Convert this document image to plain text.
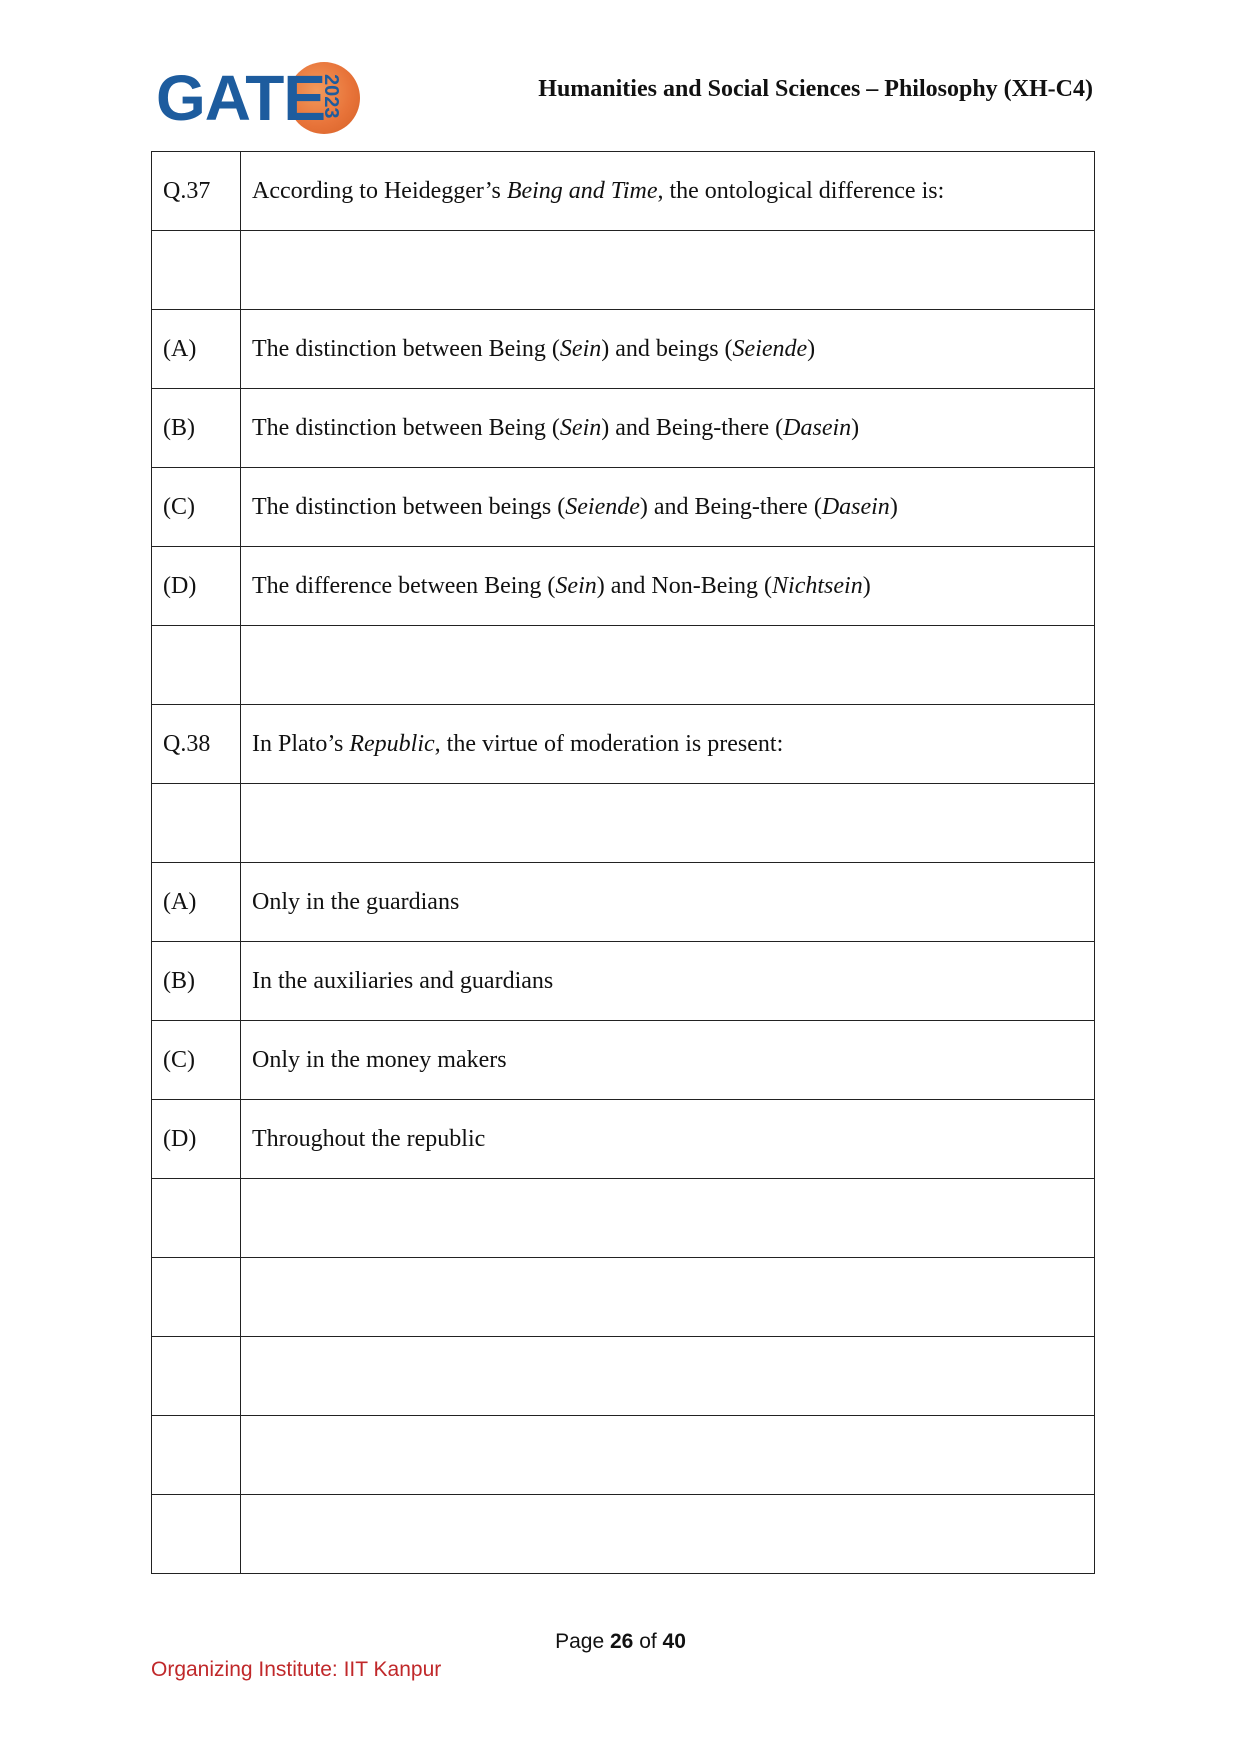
GATE
2023	Humanities and Social Sciences – Philosophy (XH-C4)
Q.37	According to Heidegger’s Being and Time, the ontological difference is:

(A)	The distinction between Being (Sein) and beings (Seiende)
(B)	The distinction between Being (Sein) and Being-there (Dasein)
(C)	The distinction between beings (Seiende) and Being-there (Dasein)
(D)	The difference between Being (Sein) and Non-Being (Nichtsein)

Q.38	In Plato’s Republic, the virtue of moderation is present:

(A)	Only in the guardians
(B)	In the auxiliaries and guardians
(C)	Only in the money makers
(D)	Throughout the republic

Page 26 of 40
Organizing Institute: IIT Kanpur
